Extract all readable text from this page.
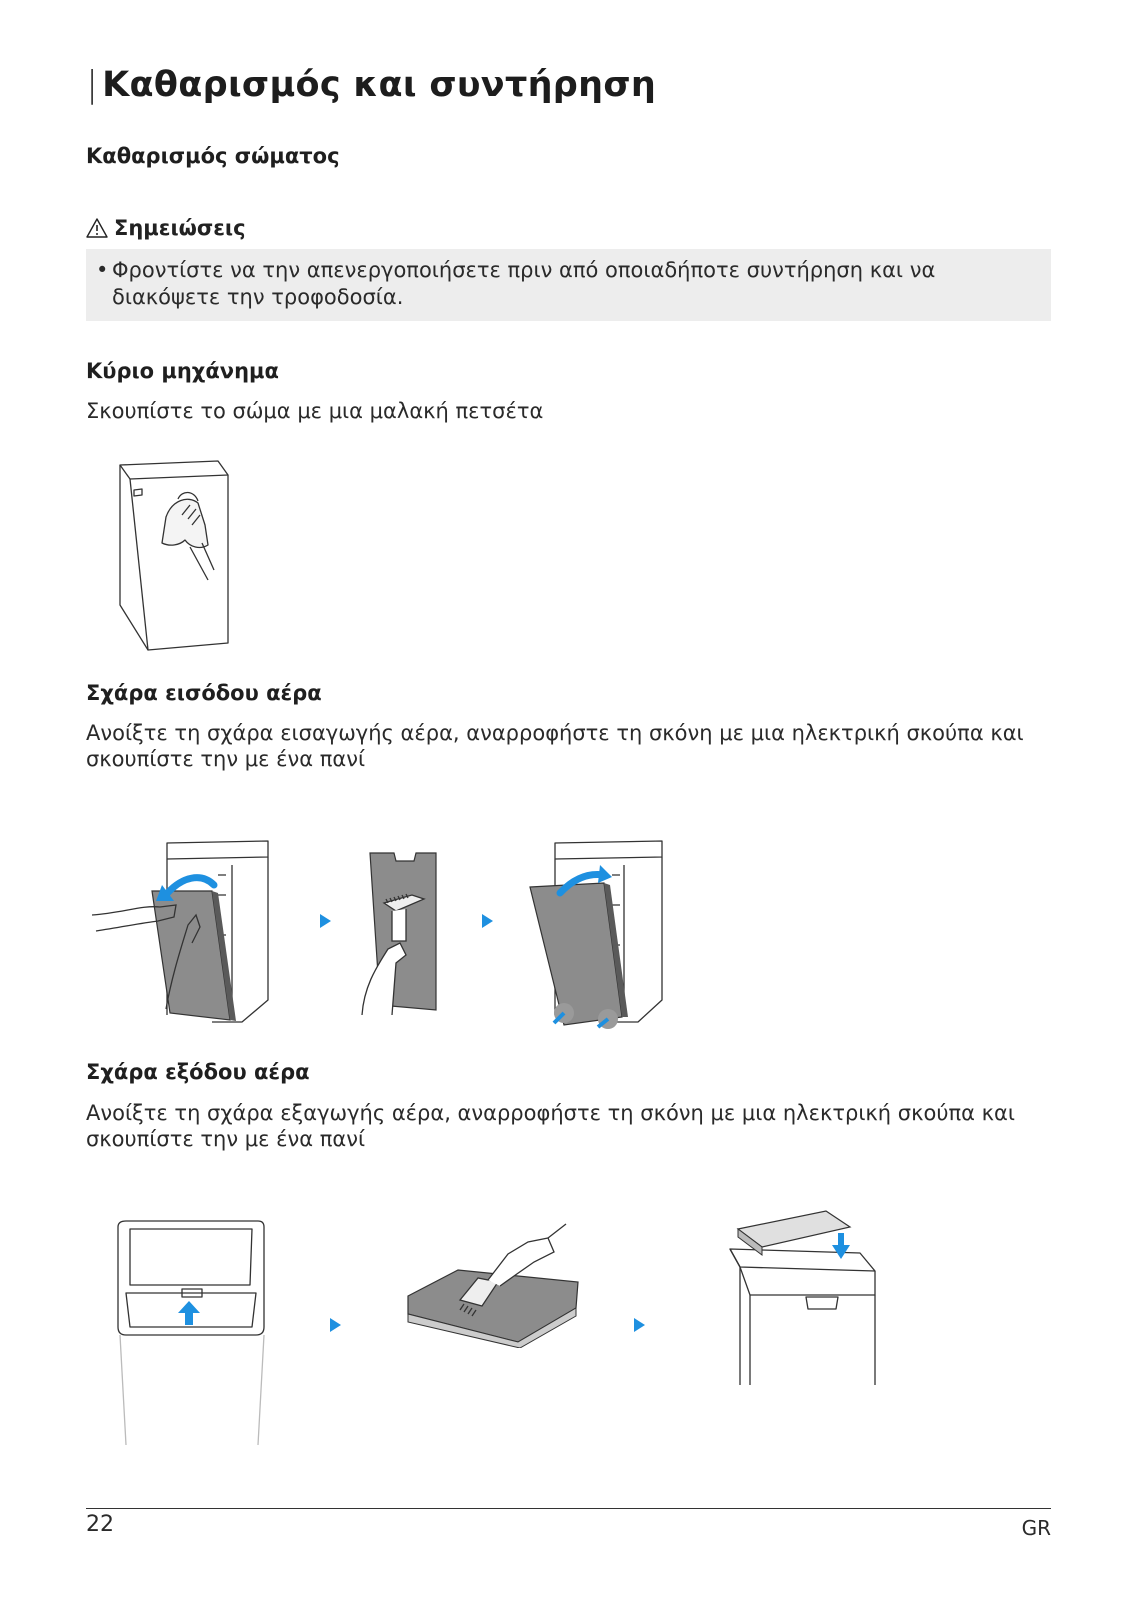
| Καθαρισμός και συντήρηση
Καθαρισμός σώματος
Σημειώσεις
• Φροντίστε να την απενεργοποιήσετε πριν από οποιαδήποτε συντήρηση και να διακόψετε την τροφοδοσία.
Κύριο μηχάνημα
Σκουπίστε το σώμα με μια μαλακή πετσέτα
Σχάρα εισόδου αέρα
Ανοίξτε τη σχάρα εισαγωγής αέρα, αναρροφήστε τη σκόνη με μια ηλεκτρική σκούπα και σκουπίστε την με ένα πανί
Σχάρα εξόδου αέρα
Ανοίξτε τη σχάρα εξαγωγής αέρα, αναρροφήστε τη σκόνη με μια ηλεκτρική σκούπα και σκουπίστε την με ένα πανί
22	GR
